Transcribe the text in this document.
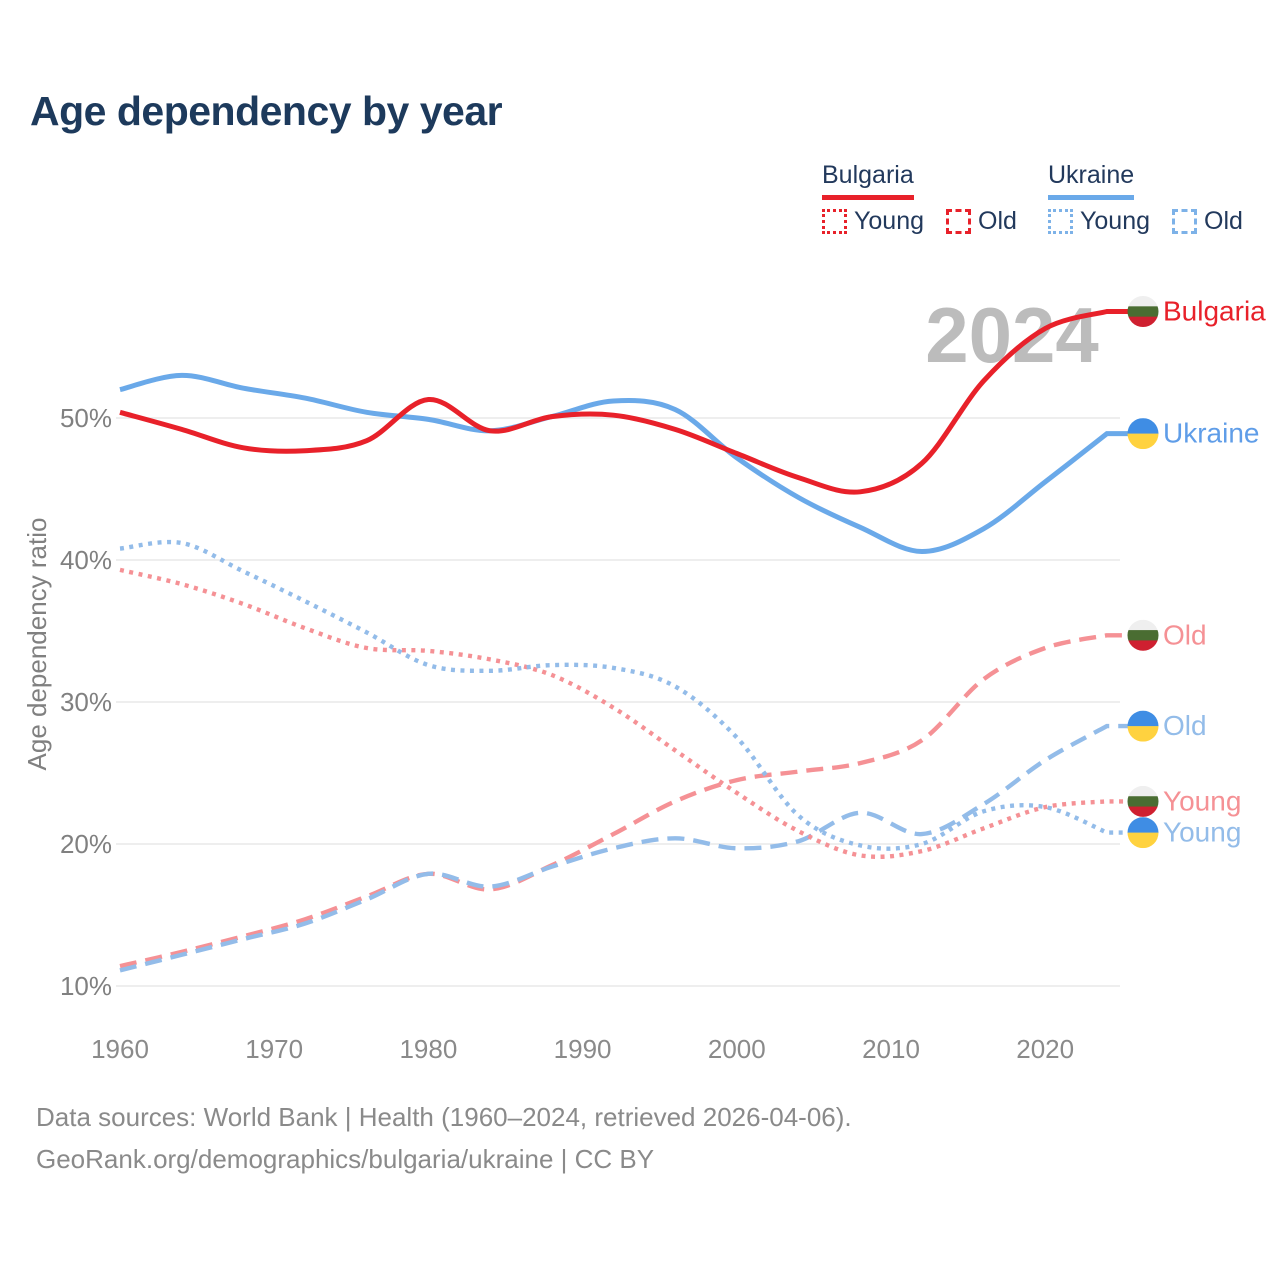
Age dependency by year
Bulgaria
Young Old
Ukraine
Young Old
10%
20%
30%
40%
50%
Age dependency ratio
1960	1970	1980	1990	2000	2010	2020
2024
Old
Old
Young
Young
Ukraine
Bulgaria
Data sources: World Bank | Health (1960–2024, retrieved 2026-04-06).
GeoRank.org/demographics/bulgaria/ukraine | CC BY
